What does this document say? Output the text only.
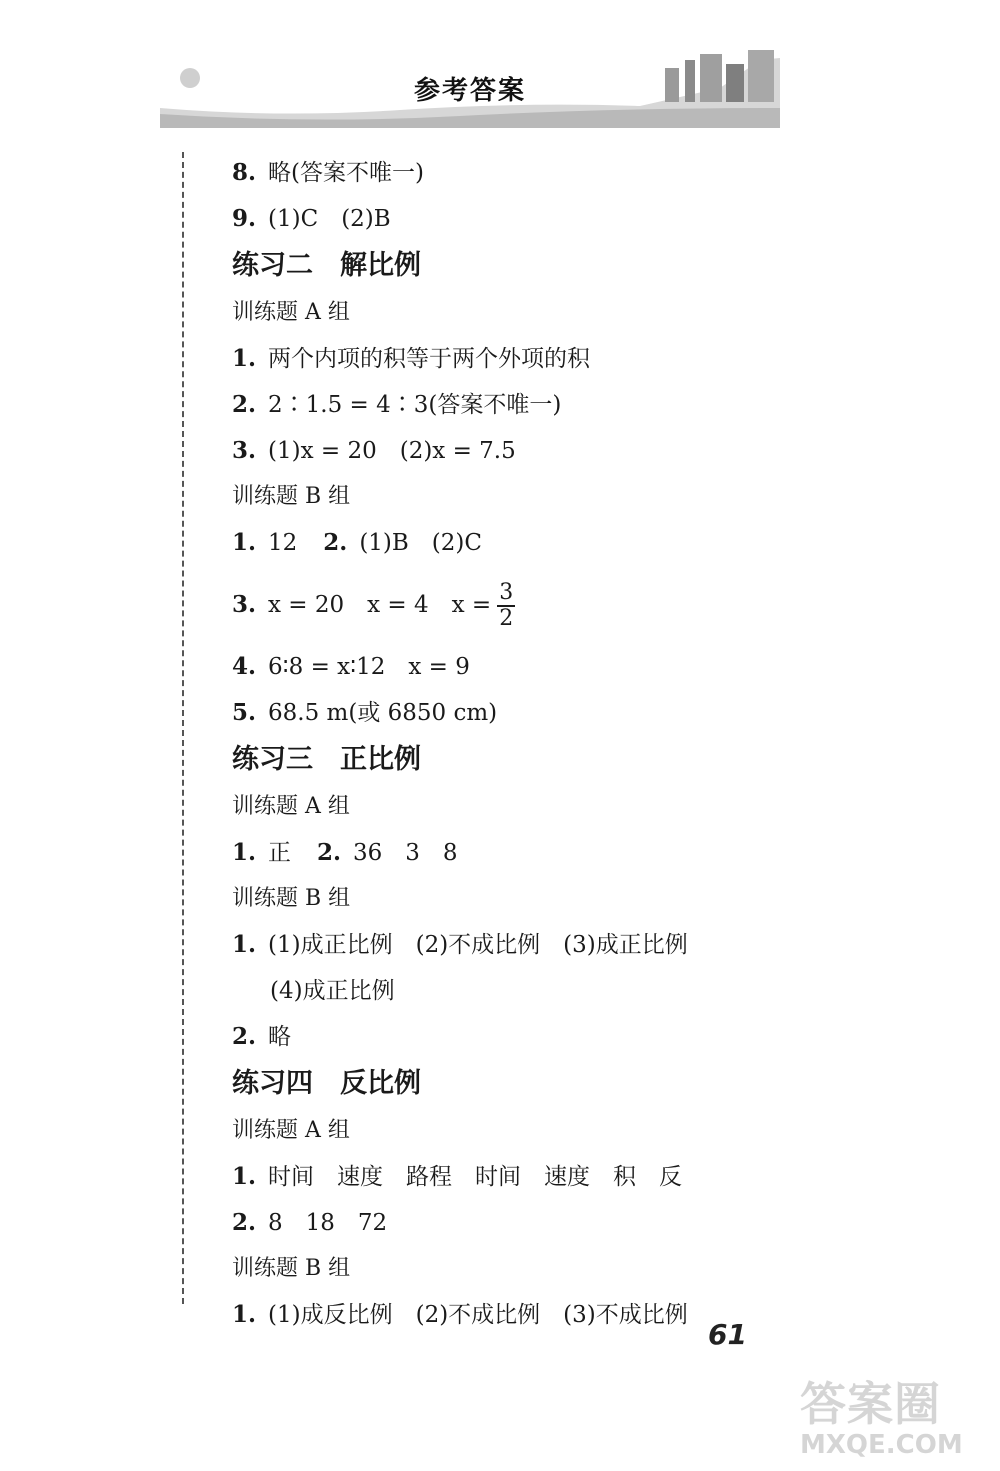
参考答案
8. 略(答案不唯一)
9. (1)C　(2)B
练习二　解比例
训练题 A 组
1. 两个内项的积等于两个外项的积
2. 2∶1.5 = 4∶3(答案不唯一)
3. (1)x = 20　(2)x = 7.5
训练题 B 组
1. 12 2. (1)B　(2)C
3. x = 20　x = 4　$x = \frac{3}{2}$
4. 6∶8 = x∶12　x = 9
5. 68.5 m(或 6850 cm)
练习三　正比例
训练题 A 组
1. 正 2. 36　3　8
训练题 B 组
1. (1)成正比例　(2)不成比例　(3)成正比例
(4)成正比例
2. 略
练习四　反比例
训练题 A 组
1. 时间　速度　路程　时间　速度　积　反
2. 8　18　72
训练题 B 组
1. (1)成反比例　(2)不成比例　(3)不成比例
61
答案圈
MXQE.COM
